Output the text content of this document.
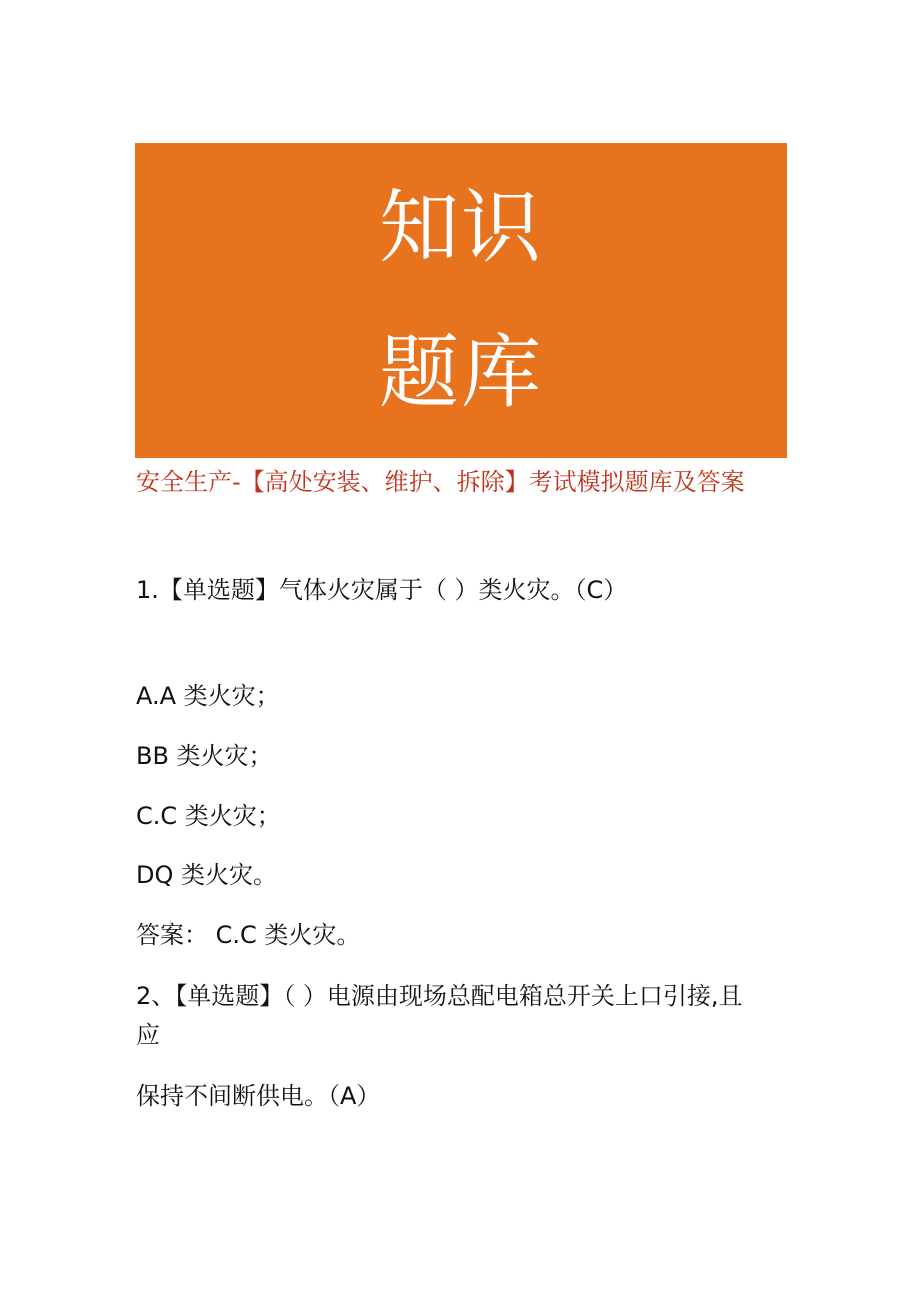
知识
题库
安全生产-【高处安装、维护、拆除】考试模拟题库及答案
1.【单选题】气体火灾属于（ ）类火灾。（C）
A.A 类火灾；
BB 类火灾；
C.C 类火灾；
DQ 类火灾。
答案： C.C 类火灾。
2、【单选题】（ ）电源由现场总配电箱总开关上口引接,且
应
保持不间断供电。（A）
